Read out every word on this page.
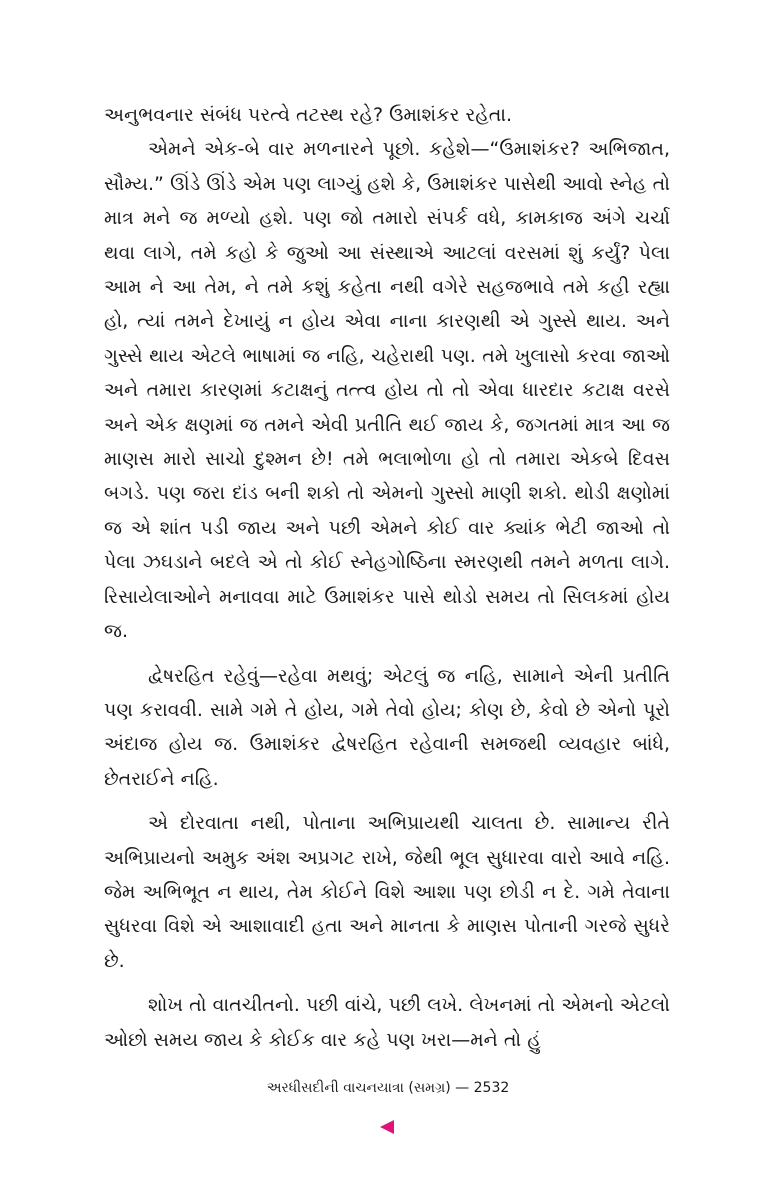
અનુભવનાર સંબંધ પરત્વે તટસ્થ રહે? ઉમાશંકર રહેતા.

એમને એક-બે વાર મળનારને પૂછો. કહેશે—“ઉમાશંકર? અભિજાત, સૌમ્ય.” ઊંડે ઊંડે એમ પણ લાગ્યું હશે કે, ઉમાશંકર પાસેથી આવો સ્નેહ તો માત્ર મને જ મળ્યો હશે. પણ જો તમારો સંપર્ક વધે, કામકાજ અંગે ચર્ચા થવા લાગે, તમે કહો કે જુઓ આ સંસ્થાએ આટલાં વરસમાં શું કર્યું? પેલા આમ ને આ તેમ, ને તમે કશું કહેતા નથી વગેરે સહજભાવે તમે કહી રહ્યા હો, ત્યાં તમને દેખાયું ન હોય એવા નાના કારણથી એ ગુસ્સે થાય. અને ગુસ્સે થાય એટલે ભાષામાં જ નહિ, ચહેરાથી પણ. તમે ખુલાસો કરવા જાઓ અને તમારા કારણમાં કટાક્ષનું તત્ત્વ હોય તો તો એવા ધારદાર કટાક્ષ વરસે અને એક ક્ષણમાં જ તમને એવી પ્રતીતિ થઈ જાય કે, જગતમાં માત્ર આ જ માણસ મારો સાચો દુશ્મન છે! તમે ભલાભોળા હો તો તમારા એકબે દિવસ બગડે. પણ જરા દાંડ બની શકો તો એમનો ગુસ્સો માણી શકો. થોડી ક્ષણોમાં જ એ શાંત પડી જાય અને પછી એમને કોઈ વાર ક્યાંક ભેટી જાઓ તો પેલા ઝઘડાને બદલે એ તો કોઈ સ્નેહગોષ્ઠિના સ્મરણથી તમને મળતા લાગે. રિસાયેલાઓને મનાવવા માટે ઉમાશંકર પાસે થોડો સમય તો સિલકમાં હોય જ.

દ્વેષરહિત રહેવું—રહેવા મથવું; એટલું જ નહિ, સામાને એની પ્રતીતિ પણ કરાવવી. સામે ગમે તે હોય, ગમે તેવો હોય; કોણ છે, કેવો છે એનો પૂરો અંદાજ હોય જ. ઉમાશંકર દ્વેષરહિત રહેવાની સમજથી વ્યવહાર બાંધે, છેતરાઈને નહિ.

એ દોરવાતા નથી, પોતાના અભિપ્રાયથી ચાલતા છે. સામાન્ય રીતે અભિપ્રાયનો અમુક અંશ અપ્રગટ રાખે, જેથી ભૂલ સુધારવા વારો આવે નહિ. જેમ અભિભૂત ન થાય, તેમ કોઈને વિશે આશા પણ છોડી ન દે. ગમે તેવાના સુધરવા વિશે એ આશાવાદી હતા અને માનતા કે માણસ પોતાની ગરજે સુધરે છે.

શોખ તો વાતચીતનો. પછી વાંચે, પછી લખે. લેખનમાં તો એમનો એટલો ઓછો સમય જાય કે કોઈક વાર કહે પણ ખરા—મને તો હું

અરધીસદીની વાચનયાત્રા (સમગ્ર) — 2532
